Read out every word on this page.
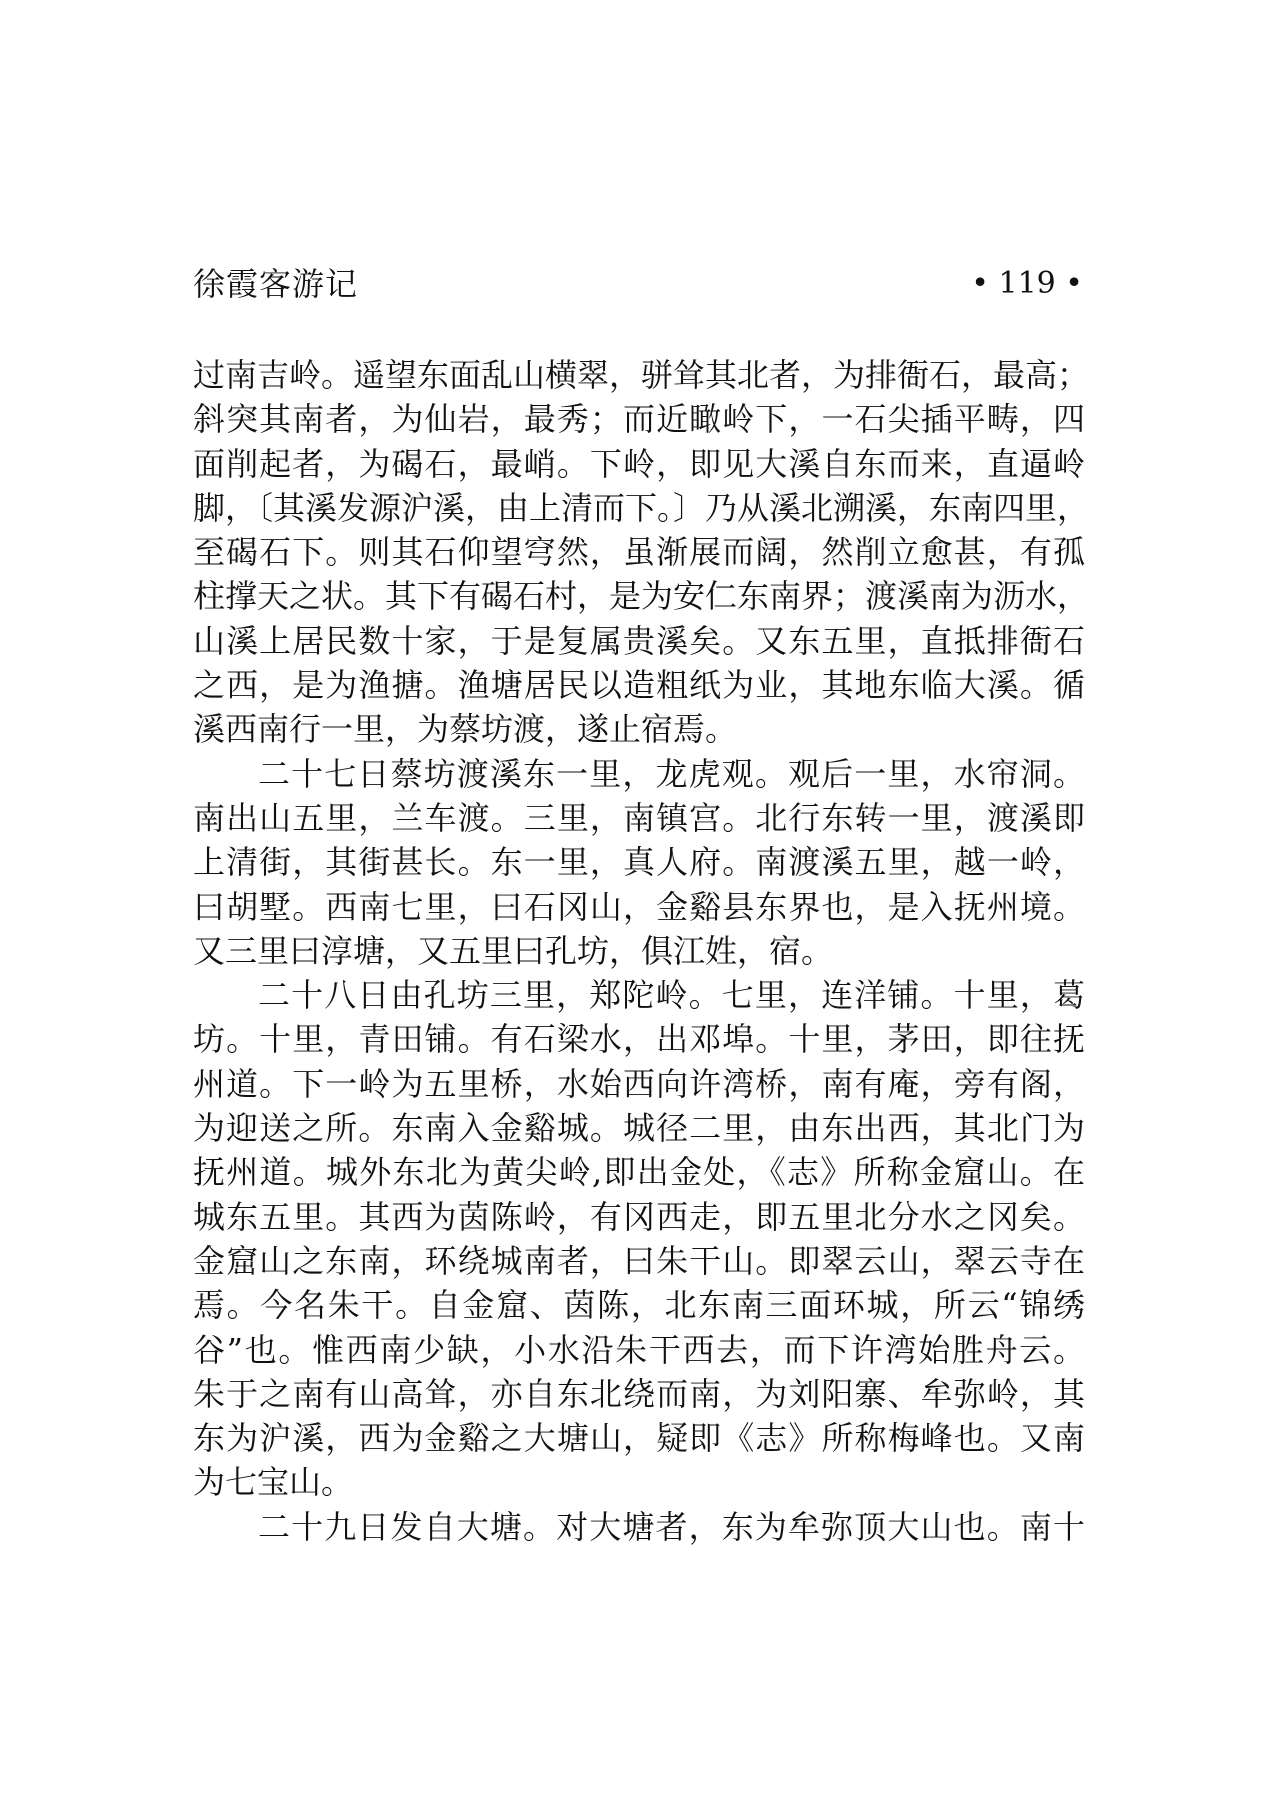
徐霞客游记	• 119 •
过南吉岭。遥望东面乱山横翠，骈耸其北者，为排衙石，最高；
斜突其南者，为仙岩，最秀；而近瞰岭下，一石尖插平畴，四
面削起者，为碣石，最峭。下岭，即见大溪自东而来，直逼岭
脚，〔其溪发源沪溪，由上清而下。〕乃从溪北溯溪，东南四里，
至碣石下。则其石仰望穹然，虽渐展而阔，然削立愈甚，有孤
柱撑天之状。其下有碣石村，是为安仁东南界；渡溪南为沥水，
山溪上居民数十家，于是复属贵溪矣。又东五里，直抵排衙石
之西，是为渔搪。渔塘居民以造粗纸为业，其地东临大溪。循
溪西南行一里，为蔡坊渡，遂止宿焉。
二十七日蔡坊渡溪东一里，龙虎观。观后一里，水帘洞。
南出山五里，兰车渡。三里，南镇宫。北行东转一里，渡溪即
上清街，其街甚长。东一里，真人府。南渡溪五里，越一岭，
曰胡墅。西南七里，曰石冈山，金谿县东界也，是入抚州境。
又三里曰淳塘，又五里曰孔坊，俱江姓，宿。
二十八日由孔坊三里，郑陀岭。七里，连洋铺。十里，葛
坊。十里，青田铺。有石梁水，出邓埠。十里，茅田，即往抚
州道。下一岭为五里桥，水始西向许湾桥，南有庵，旁有阁，
为迎送之所。东南入金谿城。城径二里，由东出西，其北门为
抚州道。城外东北为黄尖岭,即出金处，《志》所称金窟山。在
城东五里。其西为茵陈岭，有冈西走，即五里北分水之冈矣。
金窟山之东南，环绕城南者，曰朱干山。即翠云山，翠云寺在
焉。今名朱干。自金窟、茵陈，北东南三面环城，所云“锦绣
谷”也。惟西南少缺，小水沿朱干西去，而下许湾始胜舟云。
朱于之南有山高耸，亦自东北绕而南，为刘阳寨、牟弥岭，其
东为沪溪，西为金谿之大塘山，疑即《志》所称梅峰也。又南
为七宝山。
二十九日发自大塘。对大塘者，东为牟弥顶大山也。南十
